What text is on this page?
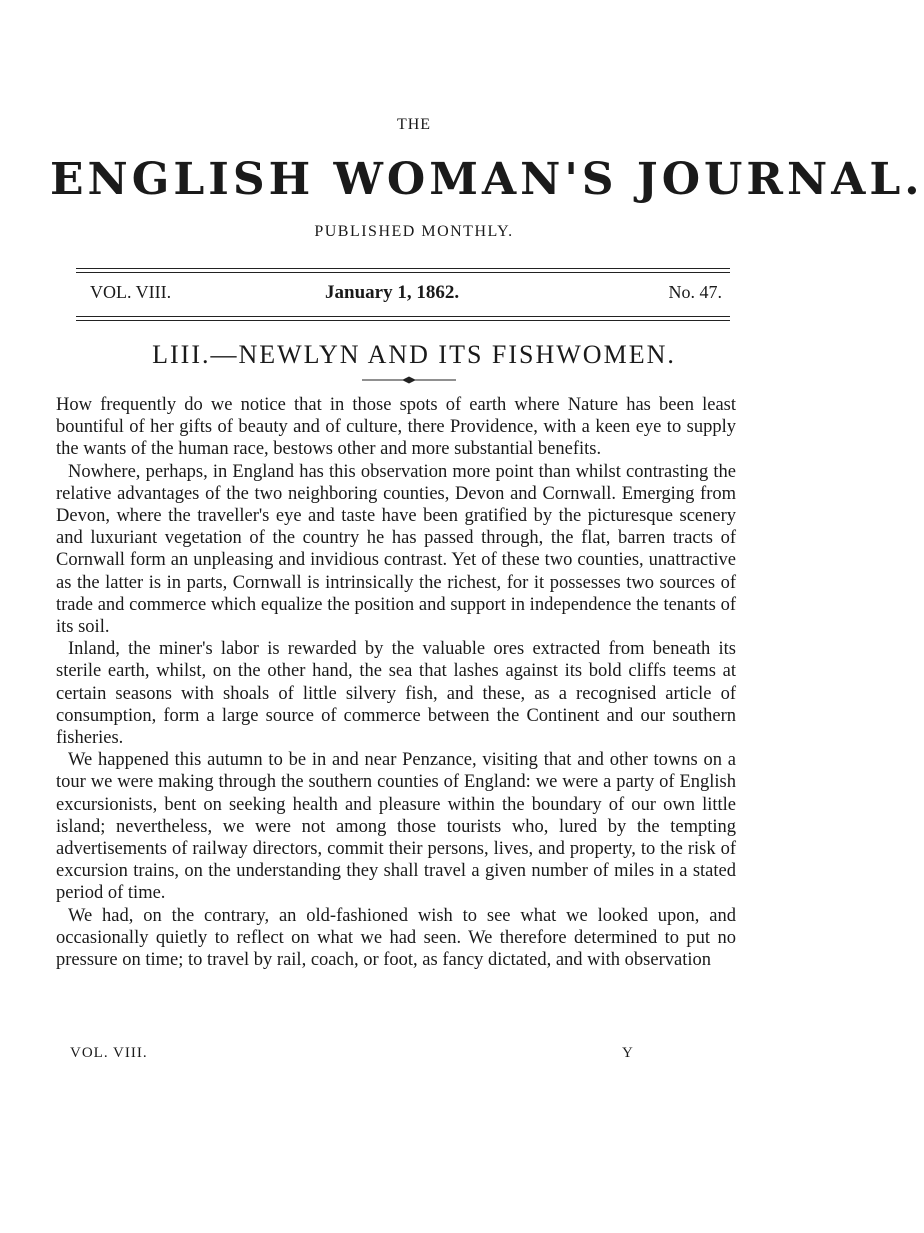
THE
ENGLISH WOMAN'S JOURNAL.
PUBLISHED MONTHLY.
VOL. VIII.	January 1, 1862.	No. 47.
LIII.—NEWLYN AND ITS FISHWOMEN.

How frequently do we notice that in those spots of earth where Nature has been least bountiful of her gifts of beauty and of culture, there Providence, with a keen eye to supply the wants of the human race, bestows other and more substantial benefits.

Nowhere, perhaps, in England has this observation more point than whilst contrasting the relative advantages of the two neighboring counties, Devon and Cornwall. Emerging from Devon, where the traveller's eye and taste have been gratified by the picturesque scenery and luxuriant vegetation of the country he has passed through, the flat, barren tracts of Cornwall form an unpleasing and invidious contrast. Yet of these two counties, unattractive as the latter is in parts, Cornwall is intrinsically the richest, for it possesses two sources of trade and commerce which equalize the position and support in independence the tenants of its soil.

Inland, the miner's labor is rewarded by the valuable ores extracted from beneath its sterile earth, whilst, on the other hand, the sea that lashes against its bold cliffs teems at certain seasons with shoals of little silvery fish, and these, as a recognised article of consumption, form a large source of commerce between the Continent and our southern fisheries.

We happened this autumn to be in and near Penzance, visiting that and other towns on a tour we were making through the southern counties of England: we were a party of English excursionists, bent on seeking health and pleasure within the boundary of our own little island; nevertheless, we were not among those tourists who, lured by the tempting advertisements of railway directors, commit their persons, lives, and property, to the risk of excursion trains, on the understanding they shall travel a given number of miles in a stated period of time.

We had, on the contrary, an old-fashioned wish to see what we looked upon, and occasionally quietly to reflect on what we had seen. We therefore determined to put no pressure on time; to travel by rail, coach, or foot, as fancy dictated, and with observation

VOL. VIII.	Y
